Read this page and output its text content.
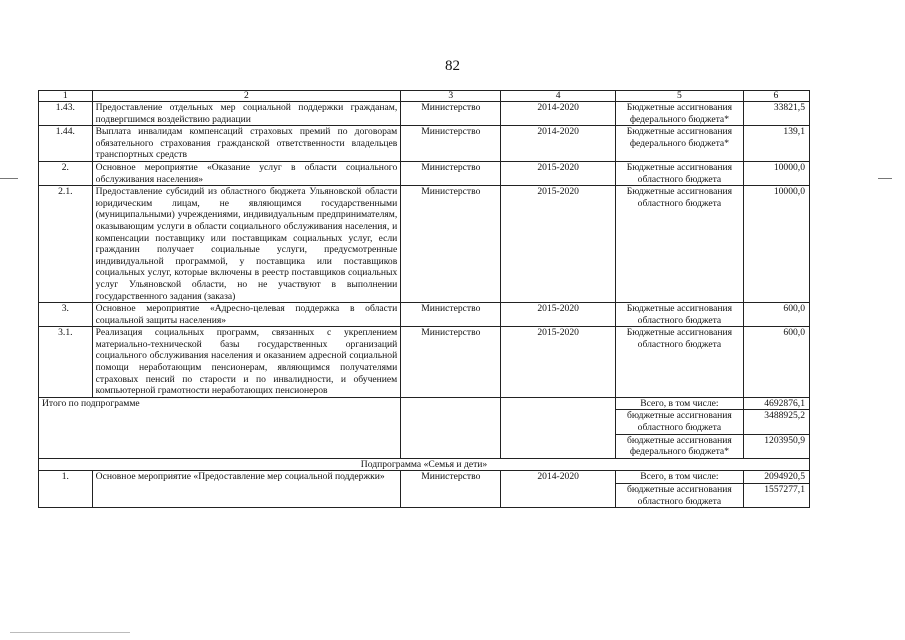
82
1	2	3	4	5	6
1.43.	Предоставление отдельных мер социальной поддержки гражданам, подвергшимся воздействию радиации	Министерство	2014-2020	Бюджетные ассигнования федерального бюджета*	33821,5
1.44.	Выплата инвалидам компенсаций страховых премий по договорам обязательного страхования гражданской ответственности владельцев транспортных средств	Министерство	2014-2020	Бюджетные ассигнования федерального бюджета*	139,1
2.	Основное мероприятие «Оказание услуг в области социального обслуживания населения»	Министерство	2015-2020	Бюджетные ассигнования областного бюджета	10000,0
2.1.	Предоставление субсидий из областного бюджета Ульяновской области юридическим лицам, не являющимся государственными (муниципальными) учреждениями, индивидуальным предпринимателям, оказывающим услуги в области социального обслуживания населения, и компенсации поставщику или поставщикам социальных услуг, если гражданин получает социальные услуги, предусмотренные индивидуальной программой, у поставщика или поставщиков социальных услуг, которые включены в реестр поставщиков социальных услуг Ульяновской области, но не участвуют в выполнении государственного задания (заказа)	Министерство	2015-2020	Бюджетные ассигнования областного бюджета	10000,0
3.	Основное мероприятие «Адресно-целевая поддержка в области социальной защиты населения»	Министерство	2015-2020	Бюджетные ассигнования областного бюджета	600,0
3.1.	Реализация социальных программ, связанных с укреплением материально-технической базы государственных организаций социального обслуживания населения и оказанием адресной социальной помощи неработающим пенсионерам, являющимся получателями страховых пенсий по старости и по инвалидности, и обучением компьютерной грамотности неработающих пенсионеров	Министерство	2015-2020	Бюджетные ассигнования областного бюджета	600,0
Итого по подпрограмме				Всего, в том числе:	4692876,1
				бюджетные ассигнования областного бюджета	3488925,2
				бюджетные ассигнования федерального бюджета*	1203950,9
Подпрограмма «Семья и дети»					
1.	Основное мероприятие «Предоставление мер социальной поддержки»	Министерство	2014-2020	Всего, в том числе:	2094920,5
				бюджетные ассигнования областного бюджета	1557277,1
